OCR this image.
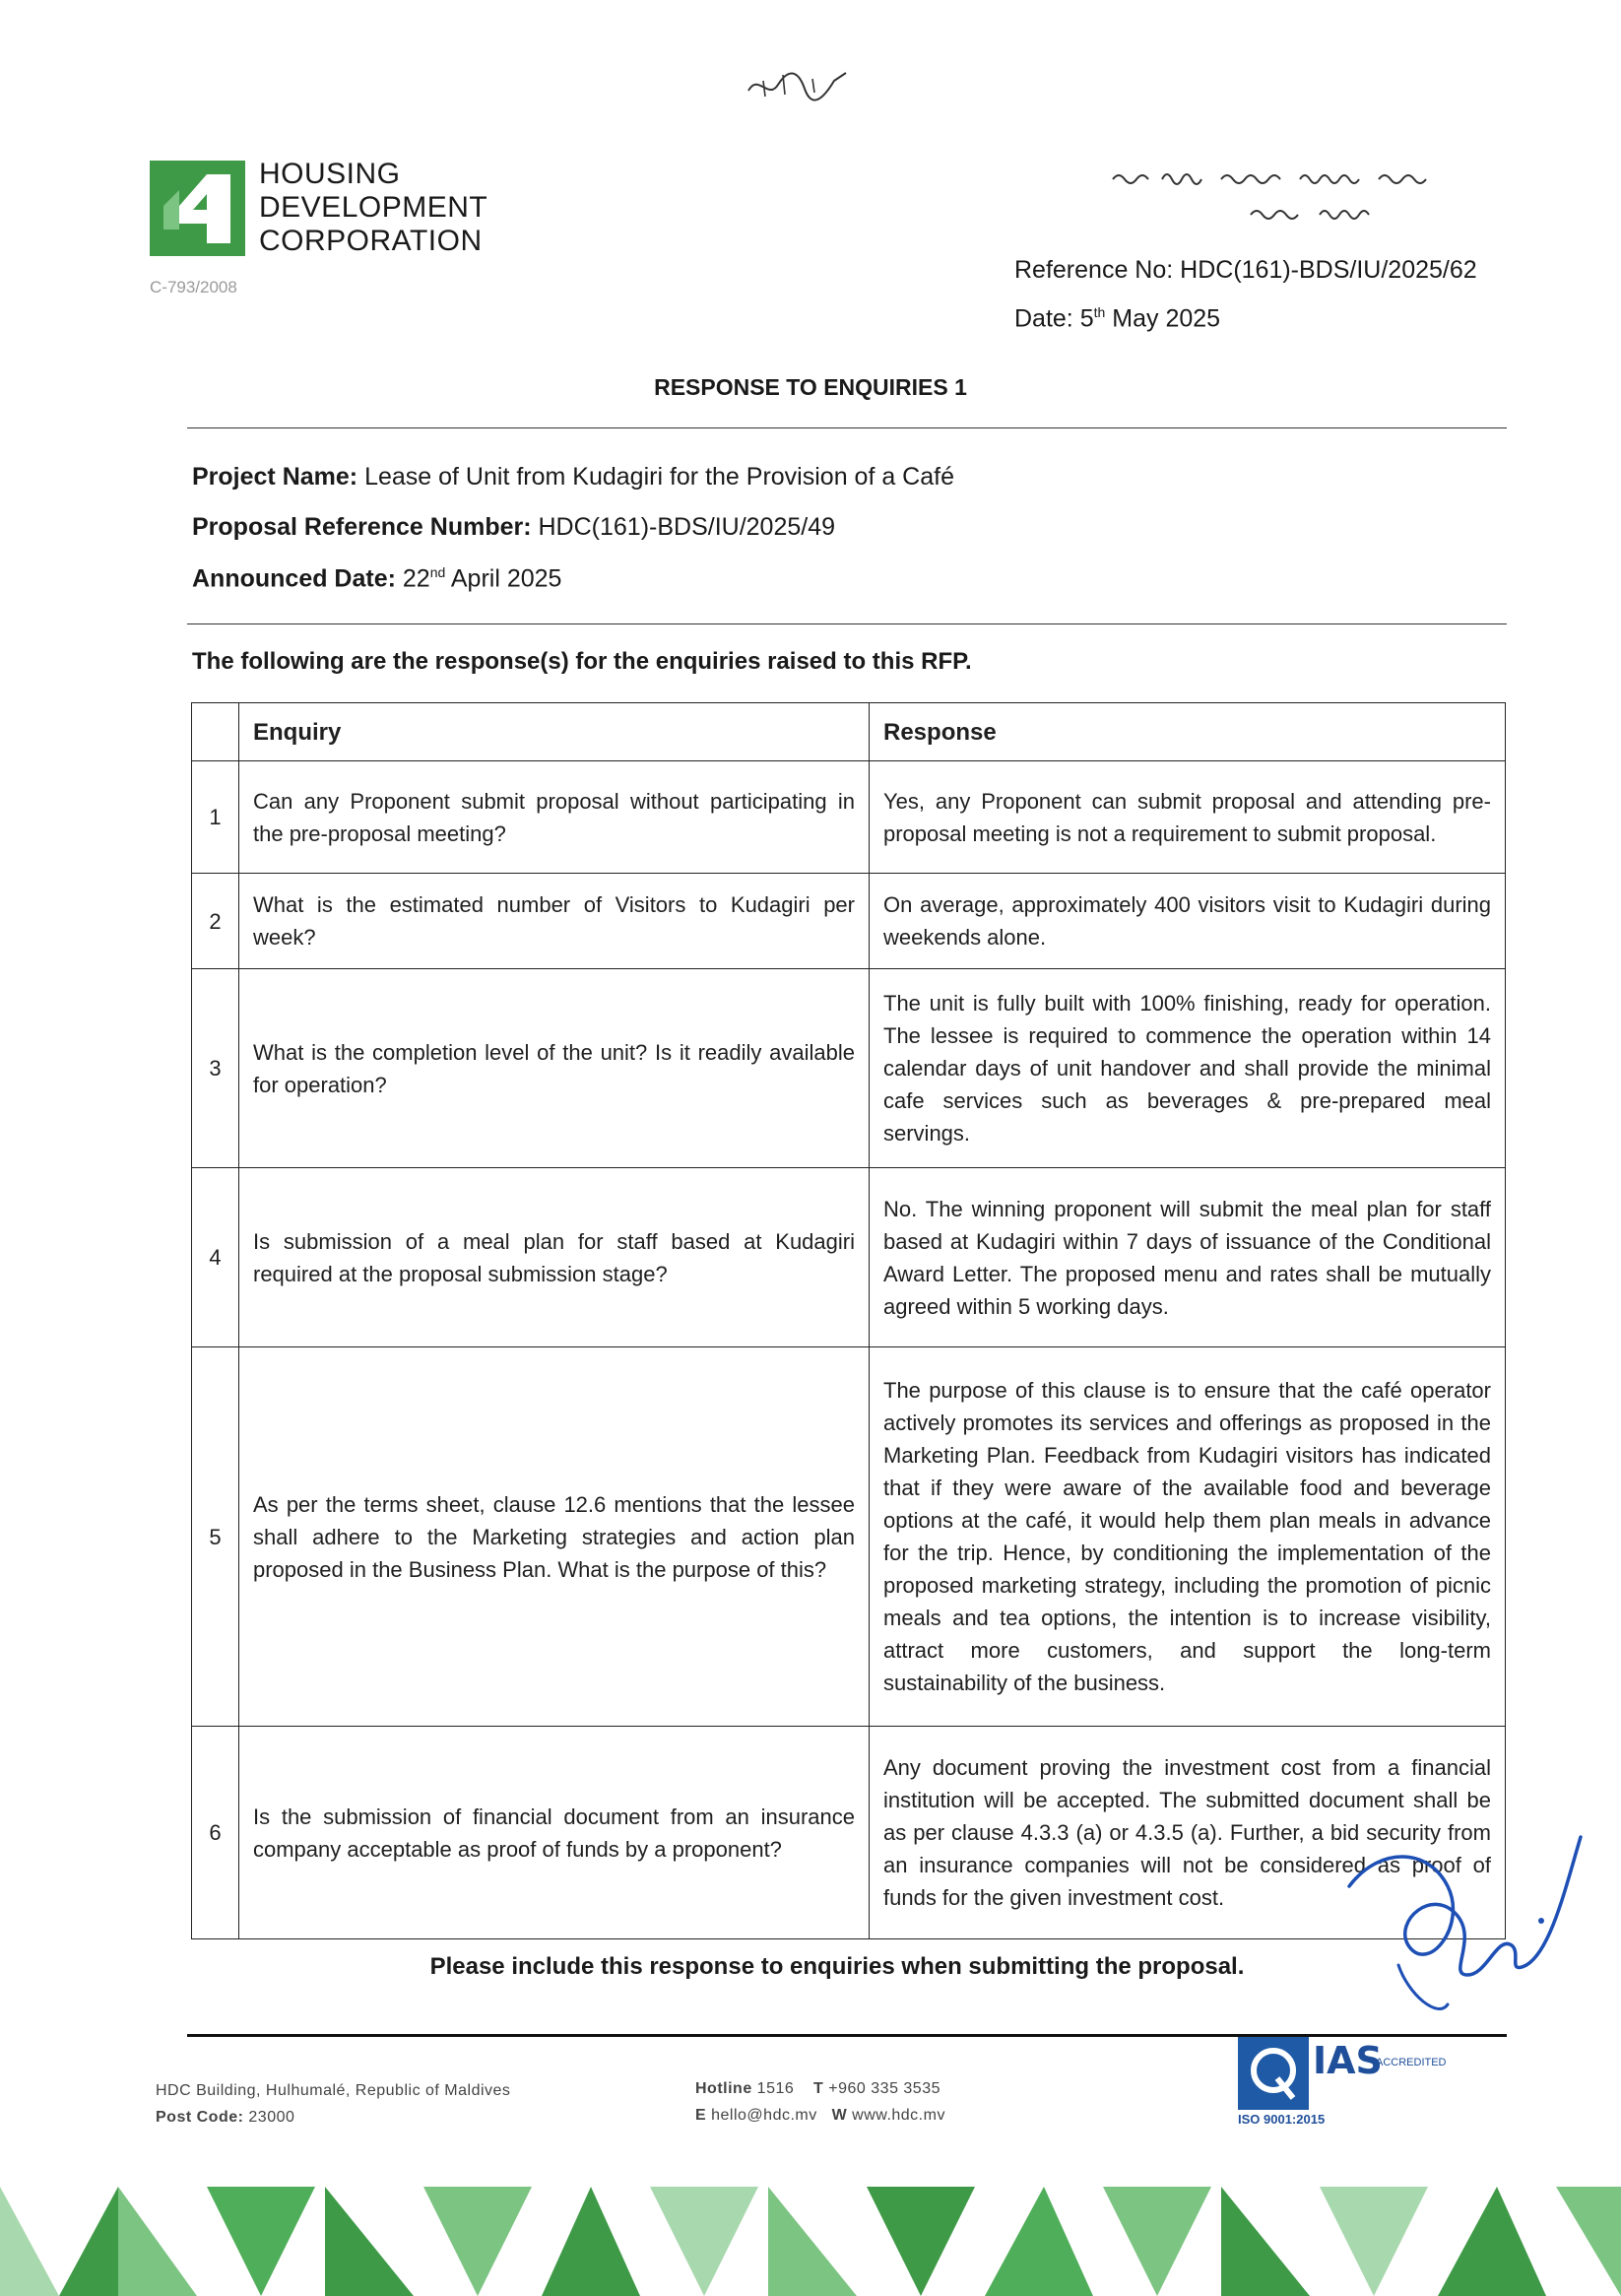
HOUSING
DEVELOPMENT
CORPORATION
C-793/2008
Reference No: HDC(161)-BDS/IU/2025/62
Date: 5th May 2025
RESPONSE TO ENQUIRIES 1
Project Name: Lease of Unit from Kudagiri for the Provision of a Café
Proposal Reference Number: HDC(161)-BDS/IU/2025/49
Announced Date: 22nd April 2025
The following are the response(s) for the enquiries raised to this RFP.
	Enquiry	Response
1	Can any Proponent submit proposal without participating in the pre-proposal meeting?	Yes, any Proponent can submit proposal and attending pre-proposal meeting is not a requirement to submit proposal.
2	What is the estimated number of Visitors to Kudagiri per week?	On average, approximately 400 visitors visit to Kudagiri during weekends alone.
3	What is the completion level of the unit? Is it readily available for operation?	The unit is fully built with 100% finishing, ready for operation. The lessee is required to commence the operation within 14 calendar days of unit handover and shall provide the minimal cafe services such as beverages & pre-prepared meal servings.
4	Is submission of a meal plan for staff based at Kudagiri required at the proposal submission stage?	No. The winning proponent will submit the meal plan for staff based at Kudagiri within 7 days of issuance of the Conditional Award Letter. The proposed menu and rates shall be mutually agreed within 5 working days.
5	As per the terms sheet, clause 12.6 mentions that the lessee shall adhere to the Marketing strategies and action plan proposed in the Business Plan. What is the purpose of this?	The purpose of this clause is to ensure that the café operator actively promotes its services and offerings as proposed in the Marketing Plan. Feedback from Kudagiri visitors has indicated that if they were aware of the available food and beverage options at the café, it would help them plan meals in advance for the trip. Hence, by conditioning the implementation of the proposed marketing strategy, including the promotion of picnic meals and tea options, the intention is to increase visibility, attract more customers, and support the long-term sustainability of the business.
6	Is the submission of financial document from an insurance company acceptable as proof of funds by a proponent?	Any document proving the investment cost from a financial institution will be accepted. The submitted document shall be as per clause 4.3.3 (a) or 4.3.5 (a). Further, a bid security from an insurance companies will not be considered as proof of funds for the given investment cost.
Please include this response to enquiries when submitting the proposal.
HDC Building, Hulhumalé, Republic of Maldives
Post Code: 23000
Hotline 1516 T +960 335 3535
E hello@hdc.mv W www.hdc.mv
IAS
ACCREDITED
ISO 9001:2015
